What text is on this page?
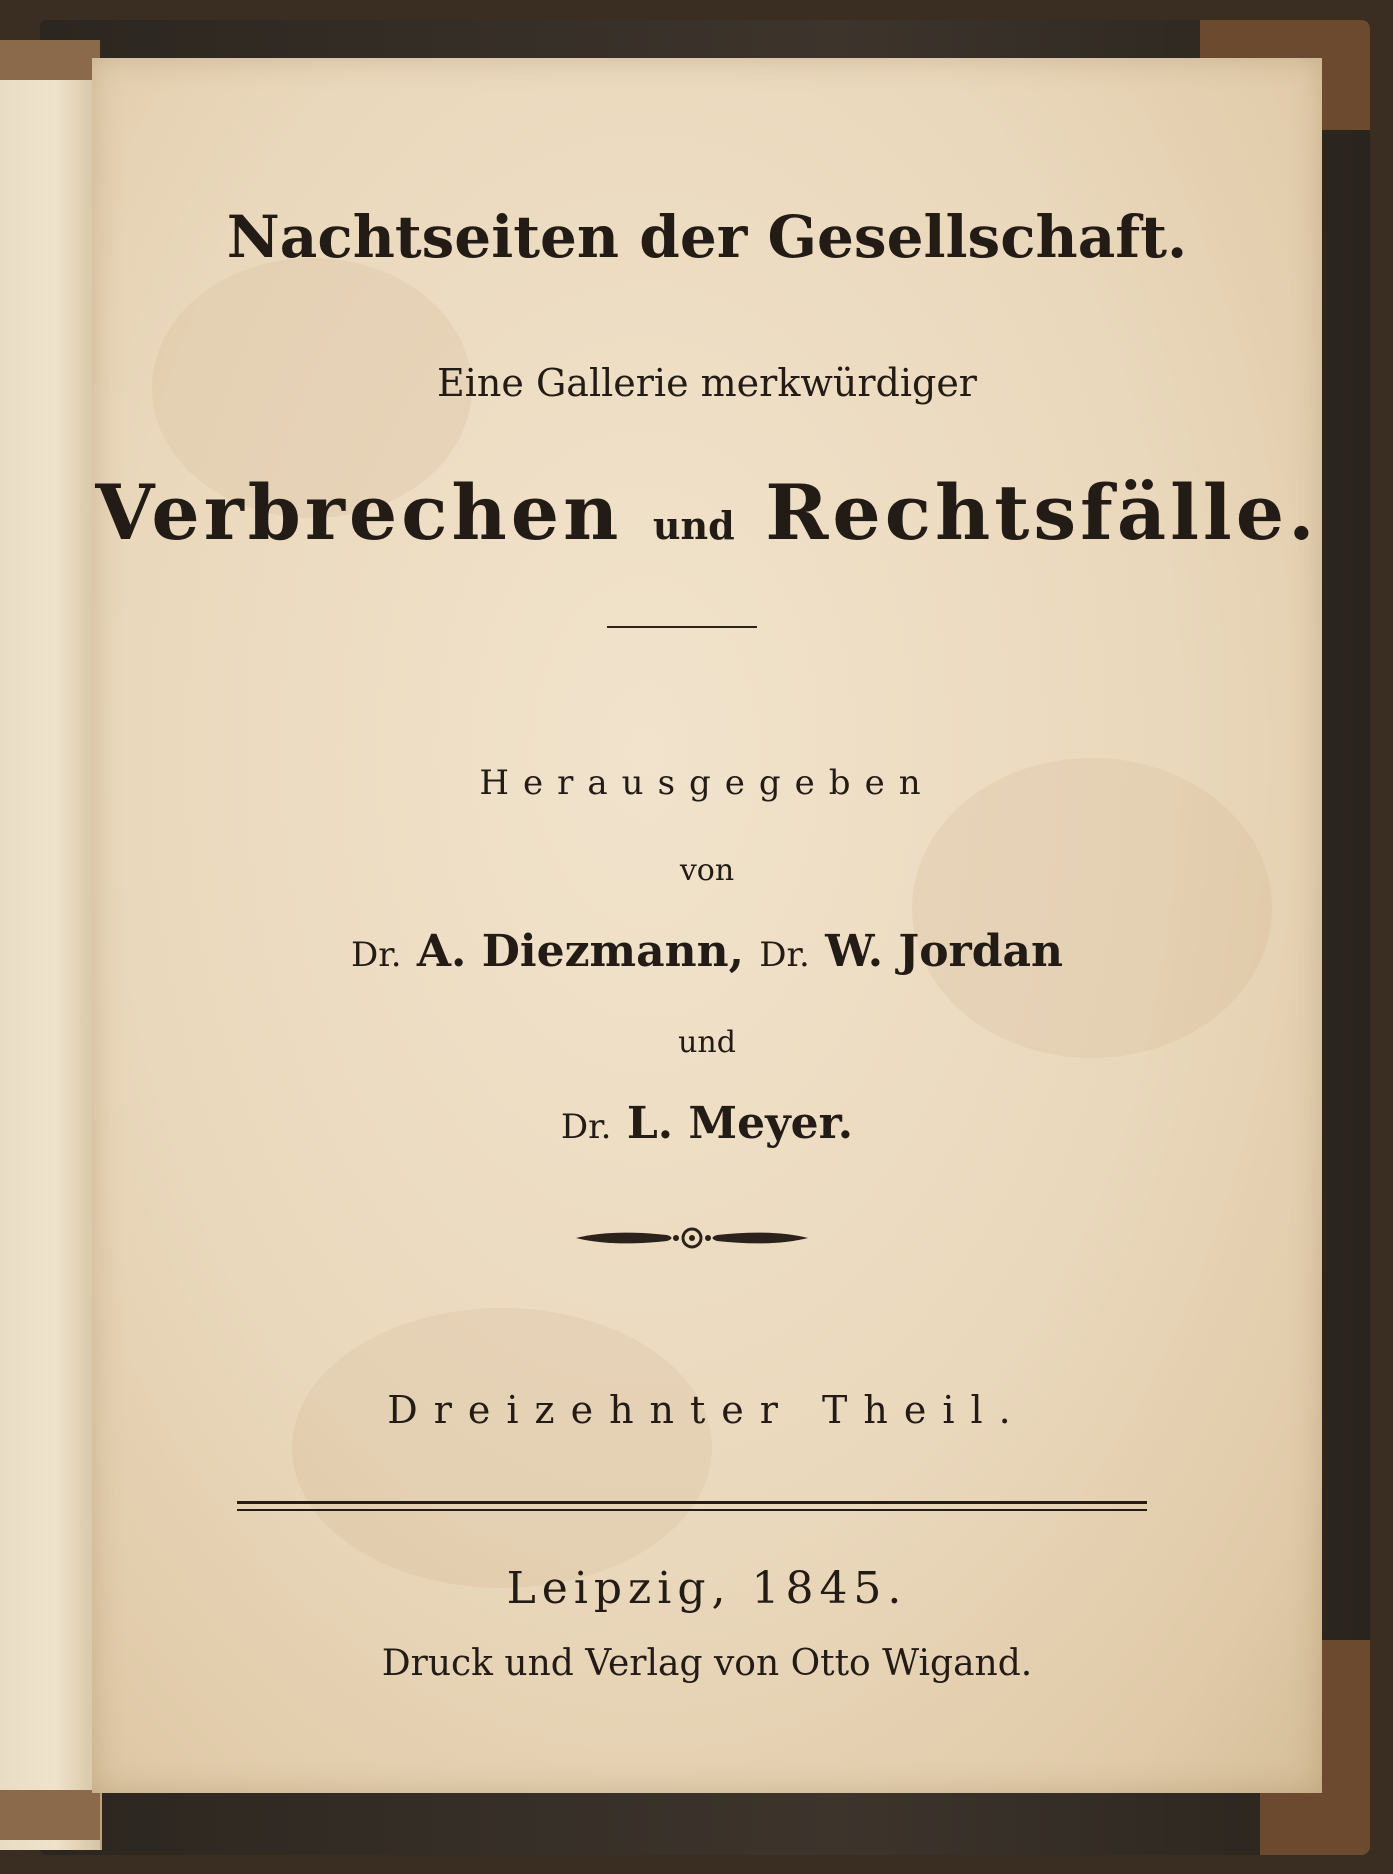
Nachtseiten der Gesellschaft.
Eine Gallerie merkwürdiger
Verbrechen und Rechtsfälle.
Herausgegeben
von
Dr. A. Diezmann, Dr. W. Jordan
und
Dr. L. Meyer.
Dreizehnter Theil.
Leipzig, 1845.
Druck und Verlag von Otto Wigand.
